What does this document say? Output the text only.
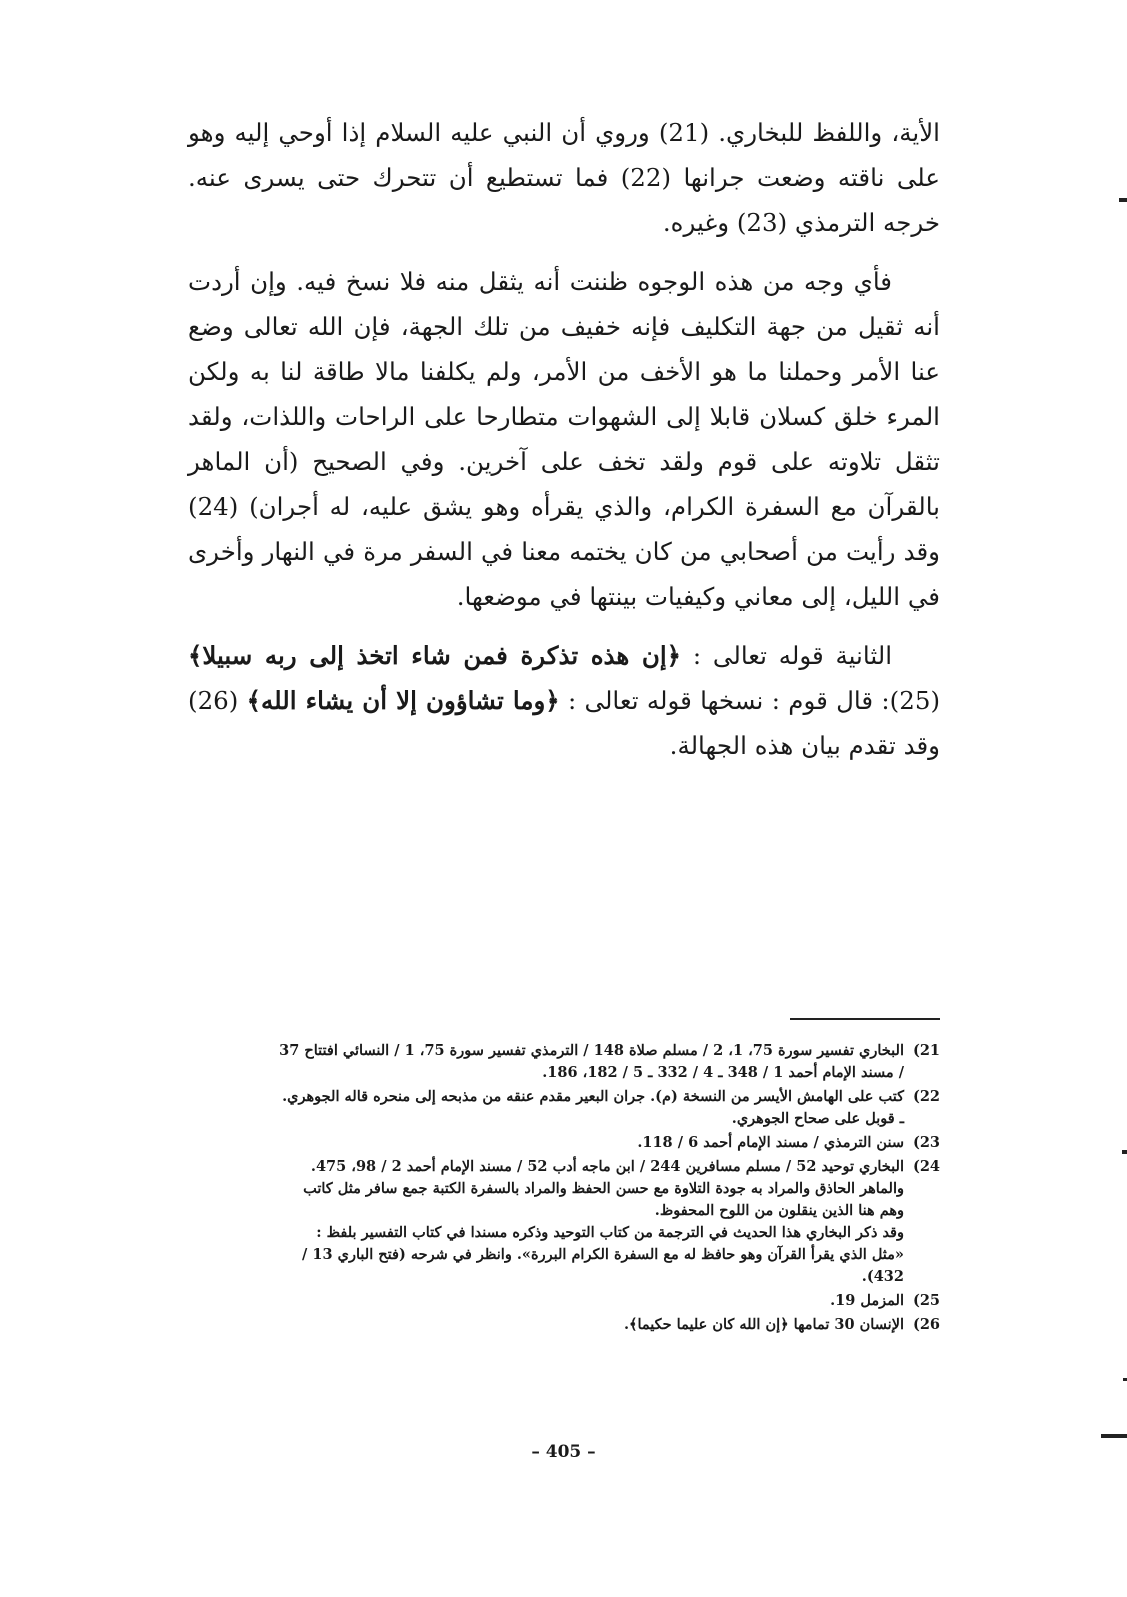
الأية، واللفظ للبخاري. (21) وروي أن النبي عليه السلام إذا أوحي إليه وهو على ناقته وضعت جرانها (22) فما تستطيع أن تتحرك حتى يسرى عنه. خرجه الترمذي (23) وغيره.

فأي وجه من هذه الوجوه ظننت أنه يثقل منه فلا نسخ فيه. وإن أردت أنه ثقيل من جهة التكليف فإنه خفيف من تلك الجهة، فإن الله تعالى وضع عنا الأمر وحملنا ما هو الأخف من الأمر، ولم يكلفنا مالا طاقة لنا به ولكن المرء خلق كسلان قابلا إلى الشهوات متطارحا على الراحات واللذات، ولقد تثقل تلاوته على قوم ولقد تخف على آخرين. وفي الصحيح (أن الماهر بالقرآن مع السفرة الكرام، والذي يقرأه وهو يشق عليه، له أجران) (24) وقد رأيت من أصحابي من كان يختمه معنا في السفر مرة في النهار وأخرى في الليل، إلى معاني وكيفيات بينتها في موضعها.

الثانية قوله تعالى : ﴿إن هذه تذكرة فمن شاء اتخذ إلى ربه سبيلا﴾ (25): قال قوم : نسخها قوله تعالى : ﴿وما تشاؤون إلا أن يشاء الله﴾ (26) وقد تقدم بيان هذه الجهالة.

21)
البخاري تفسير سورة 75، 1، 2 / مسلم صلاة 148 / الترمذي تفسير سورة 75، 1 / النسائي افتتاح 37
/ مسند الإمام أحمد 1 / 348 ـ 4 / 332 ـ 5 / 182، 186.
22)
كتب على الهامش الأيسر من النسخة (م). جران البعير مقدم عنقه من مذبحه إلى منحره قاله الجوهري.
ـ قوبل على صحاح الجوهري.
23)
سنن الترمذي / مسند الإمام أحمد 6 / 118.
24)
البخاري توحيد 52 / مسلم مسافرين 244 / ابن ماجه أدب 52 / مسند الإمام أحمد 2 / 98، 475.
والماهر الحاذق والمراد به جودة التلاوة مع حسن الحفظ والمراد بالسفرة الكتبة جمع سافر مثل كاتب
وهم هنا الذين ينقلون من اللوح المحفوظ.
وقد ذكر البخاري هذا الحديث في الترجمة من كتاب التوحيد وذكره مسندا في كتاب التفسير بلفظ :
«مثل الذي يقرأ القرآن وهو حافظ له مع السفرة الكرام البررة». وانظر في شرحه (فتح الباري 13 /
432).
25)
المزمل 19.
26)
الإنسان 30 تمامها ﴿إن الله كان عليما حكيما﴾.
– 405 –
